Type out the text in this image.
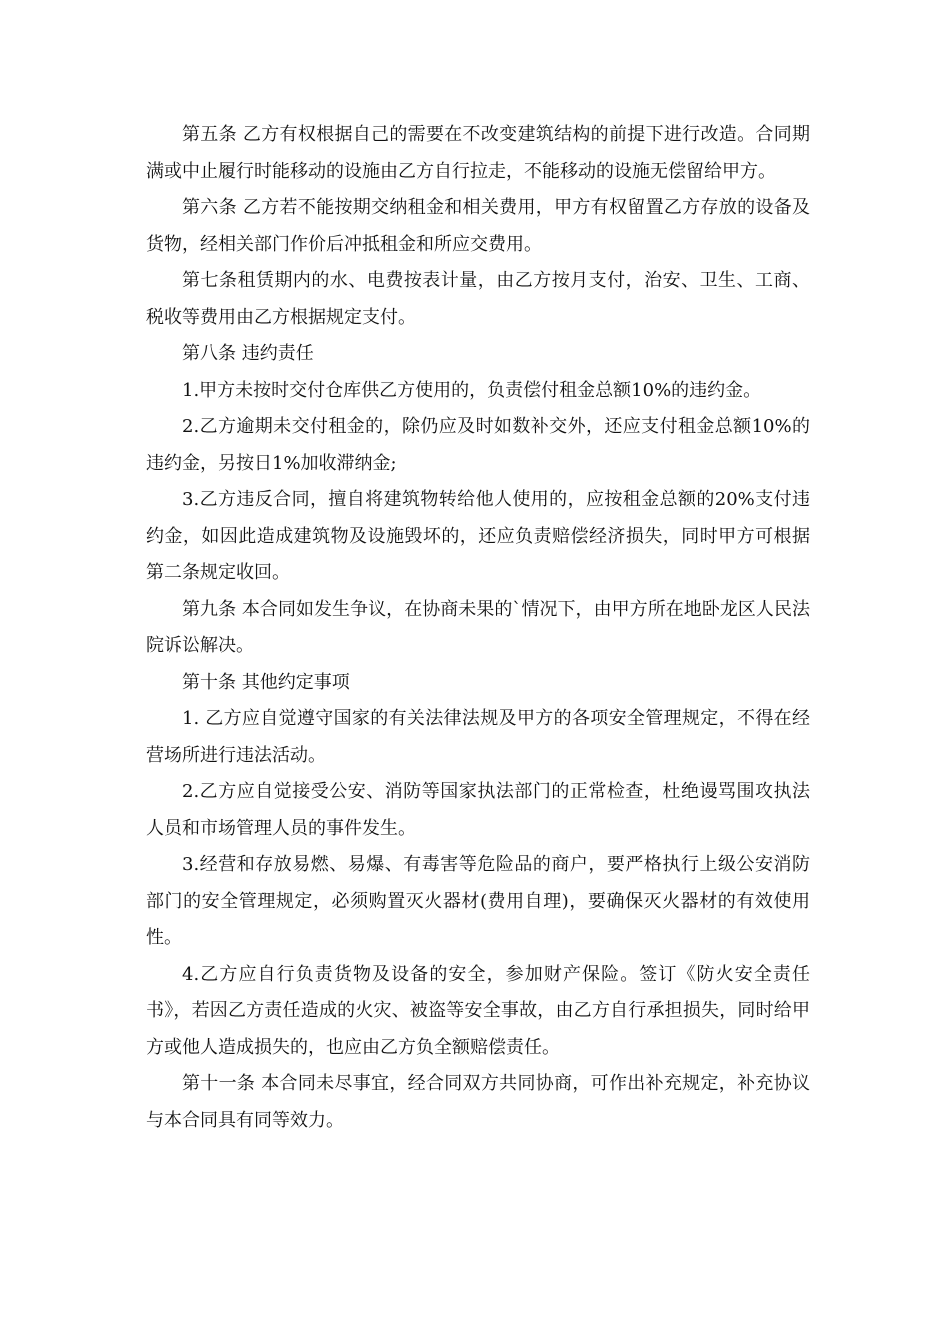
第五条 乙方有权根据自己的需要在不改变建筑结构的前提下进行改造。合同期满或中止履行时能移动的设施由乙方自行拉走，不能移动的设施无偿留给甲方。

第六条 乙方若不能按期交纳租金和相关费用，甲方有权留置乙方存放的设备及货物，经相关部门作价后冲抵租金和所应交费用。

第七条租赁期内的水、电费按表计量，由乙方按月支付，治安、卫生、工商、税收等费用由乙方根据规定支付。

第八条 违约责任

1.甲方未按时交付仓库供乙方使用的，负责偿付租金总额10%的违约金。

2.乙方逾期未交付租金的，除仍应及时如数补交外，还应支付租金总额10%的违约金，另按日1%加收滞纳金;

3.乙方违反合同，擅自将建筑物转给他人使用的，应按租金总额的20%支付违约金，如因此造成建筑物及设施毁坏的，还应负责赔偿经济损失，同时甲方可根据第二条规定收回。

第九条 本合同如发生争议，在协商未果的`情况下，由甲方所在地卧龙区人民法院诉讼解决。

第十条 其他约定事项

1. 乙方应自觉遵守国家的有关法律法规及甲方的各项安全管理规定，不得在经营场所进行违法活动。

2.乙方应自觉接受公安、消防等国家执法部门的正常检查，杜绝谩骂围攻执法人员和市场管理人员的事件发生。

3.经营和存放易燃、易爆、有毒害等危险品的商户，要严格执行上级公安消防部门的安全管理规定，必须购置灭火器材(费用自理)，要确保灭火器材的有效使用性。

4.乙方应自行负责货物及设备的安全，参加财产保险。签订《防火安全责任书》，若因乙方责任造成的火灾、被盗等安全事故，由乙方自行承担损失，同时给甲方或他人造成损失的，也应由乙方负全额赔偿责任。

第十一条 本合同未尽事宜，经合同双方共同协商，可作出补充规定，补充协议与本合同具有同等效力。
